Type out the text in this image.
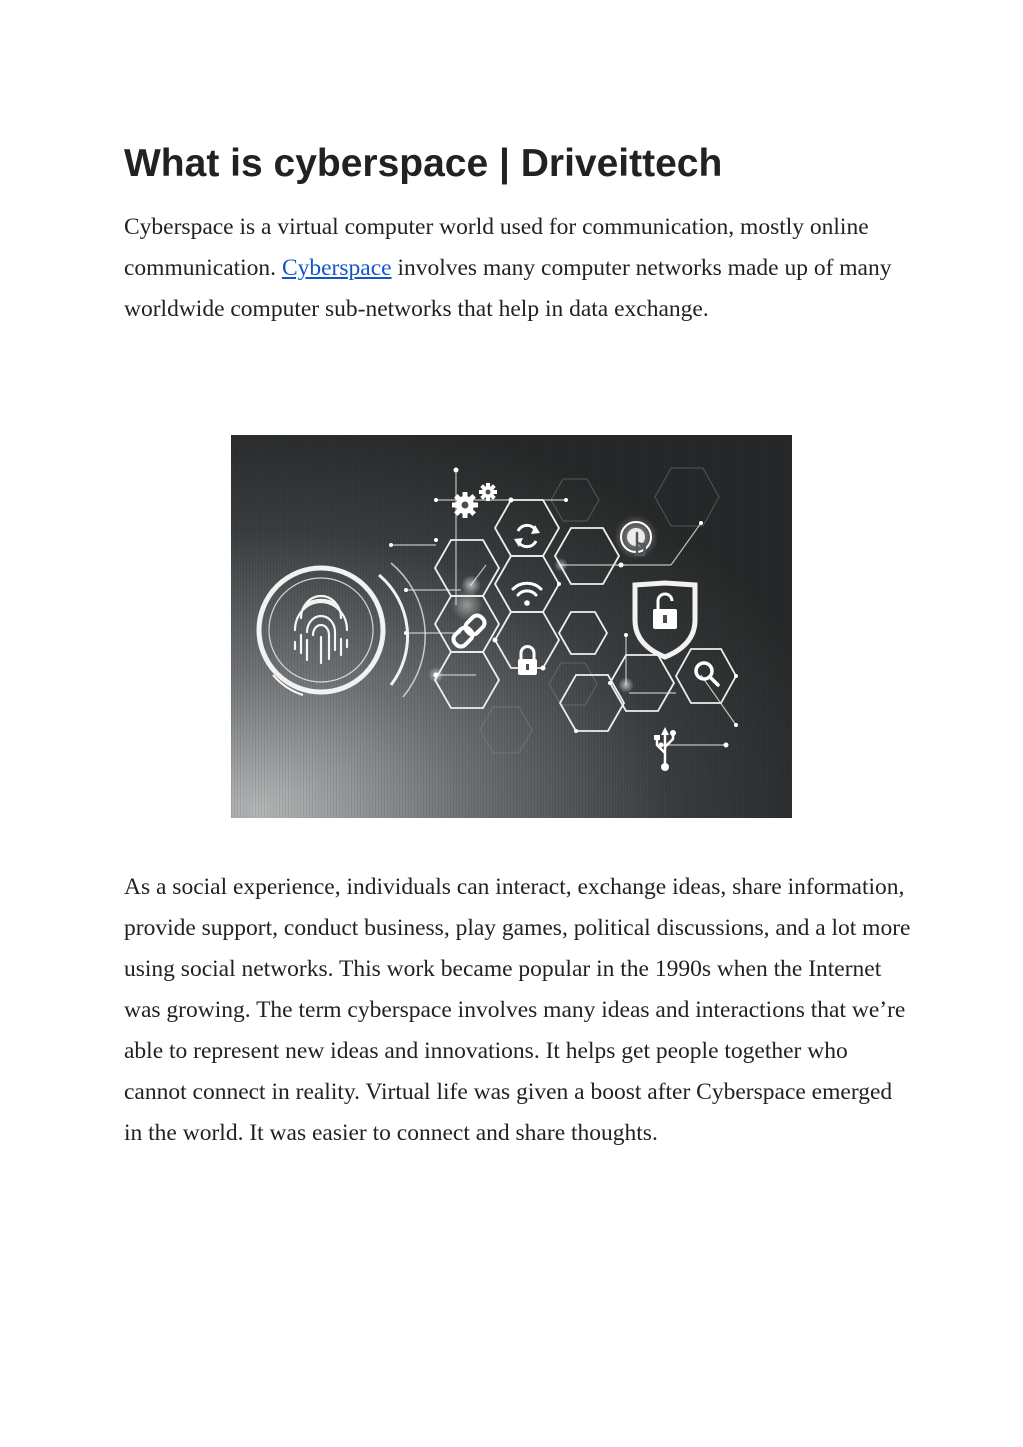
What is cyberspace | Driveittech

Cyberspace is a virtual computer world used for communication, mostly online communication. Cyberspace involves many computer networks made up of many worldwide computer sub-networks that help in data exchange.

As a social experience, individuals can interact, exchange ideas, share information, provide support, conduct business, play games, political discussions, and a lot more using social networks. This work became popular in the 1990s when the Internet was growing. The term cyberspace involves many ideas and interactions that we’re able to represent new ideas and innovations. It helps get people together who cannot connect in reality. Virtual life was given a boost after Cyberspace emerged in the world. It was easier to connect and share thoughts.
